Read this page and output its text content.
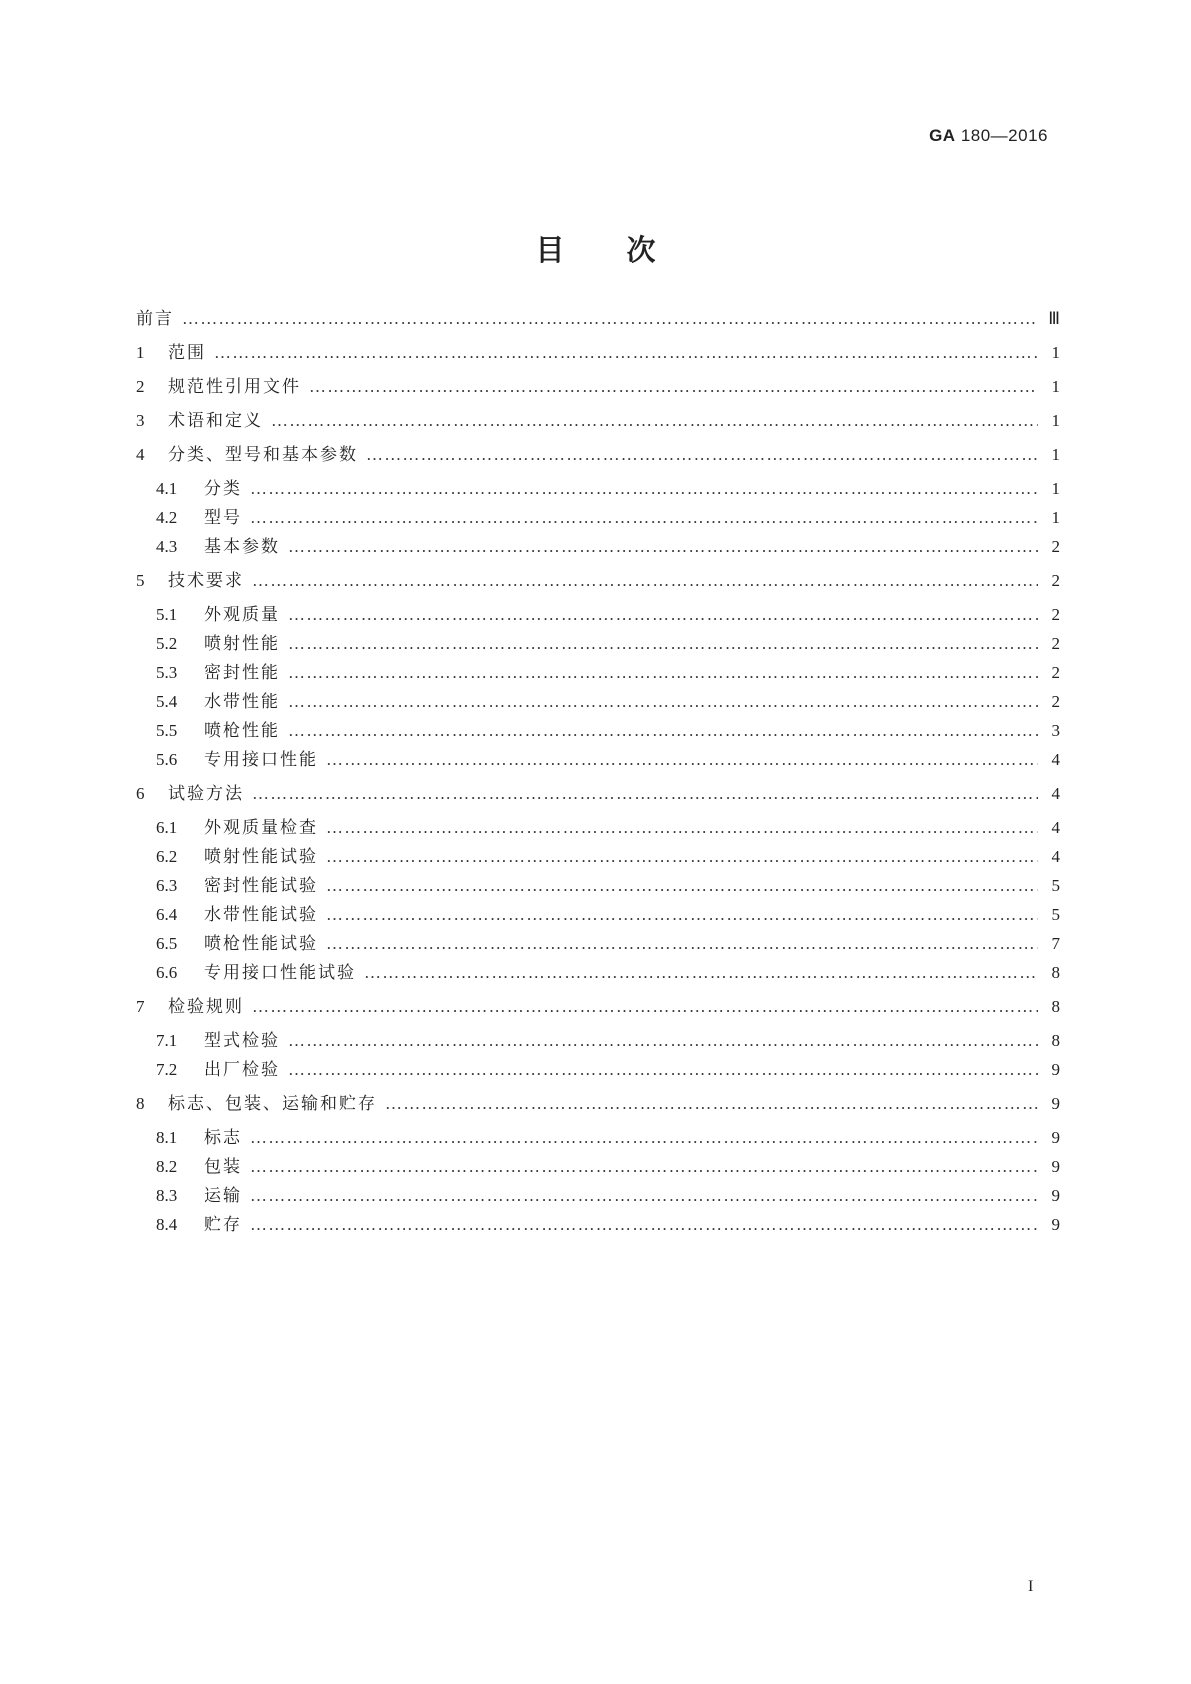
GA 180—2016
目 次
前言 …………………………………………………………………………………………………………………………………………………………………………………………………………………………	Ⅲ
1	范围 …………………………………………………………………………………………………………………………………………………………………………………………………………………………	1
2	规范性引用文件 …………………………………………………………………………………………………………………………………………………………………………………………………………………………	1
3	术语和定义 …………………………………………………………………………………………………………………………………………………………………………………………………………………………	1
4	分类、型号和基本参数 …………………………………………………………………………………………………………………………………………………………………………………………………………………………	1
4.1	分类 …………………………………………………………………………………………………………………………………………………………………………………………………………………………	1
4.2	型号 …………………………………………………………………………………………………………………………………………………………………………………………………………………………	1
4.3	基本参数 …………………………………………………………………………………………………………………………………………………………………………………………………………………………	2
5	技术要求 …………………………………………………………………………………………………………………………………………………………………………………………………………………………	2
5.1	外观质量 …………………………………………………………………………………………………………………………………………………………………………………………………………………………	2
5.2	喷射性能 …………………………………………………………………………………………………………………………………………………………………………………………………………………………	2
5.3	密封性能 …………………………………………………………………………………………………………………………………………………………………………………………………………………………	2
5.4	水带性能 …………………………………………………………………………………………………………………………………………………………………………………………………………………………	2
5.5	喷枪性能 …………………………………………………………………………………………………………………………………………………………………………………………………………………………	3
5.6	专用接口性能 …………………………………………………………………………………………………………………………………………………………………………………………………………………………	4
6	试验方法 …………………………………………………………………………………………………………………………………………………………………………………………………………………………	4
6.1	外观质量检查 …………………………………………………………………………………………………………………………………………………………………………………………………………………………	4
6.2	喷射性能试验 …………………………………………………………………………………………………………………………………………………………………………………………………………………………	4
6.3	密封性能试验 …………………………………………………………………………………………………………………………………………………………………………………………………………………………	5
6.4	水带性能试验 …………………………………………………………………………………………………………………………………………………………………………………………………………………………	5
6.5	喷枪性能试验 …………………………………………………………………………………………………………………………………………………………………………………………………………………………	7
6.6	专用接口性能试验 …………………………………………………………………………………………………………………………………………………………………………………………………………………………	8
7	检验规则 …………………………………………………………………………………………………………………………………………………………………………………………………………………………	8
7.1	型式检验 …………………………………………………………………………………………………………………………………………………………………………………………………………………………	8
7.2	出厂检验 …………………………………………………………………………………………………………………………………………………………………………………………………………………………	9
8	标志、包装、运输和贮存 …………………………………………………………………………………………………………………………………………………………………………………………………………………………	9
8.1	标志 …………………………………………………………………………………………………………………………………………………………………………………………………………………………	9
8.2	包装 …………………………………………………………………………………………………………………………………………………………………………………………………………………………	9
8.3	运输 …………………………………………………………………………………………………………………………………………………………………………………………………………………………	9
8.4	贮存 …………………………………………………………………………………………………………………………………………………………………………………………………………………………	9
I
